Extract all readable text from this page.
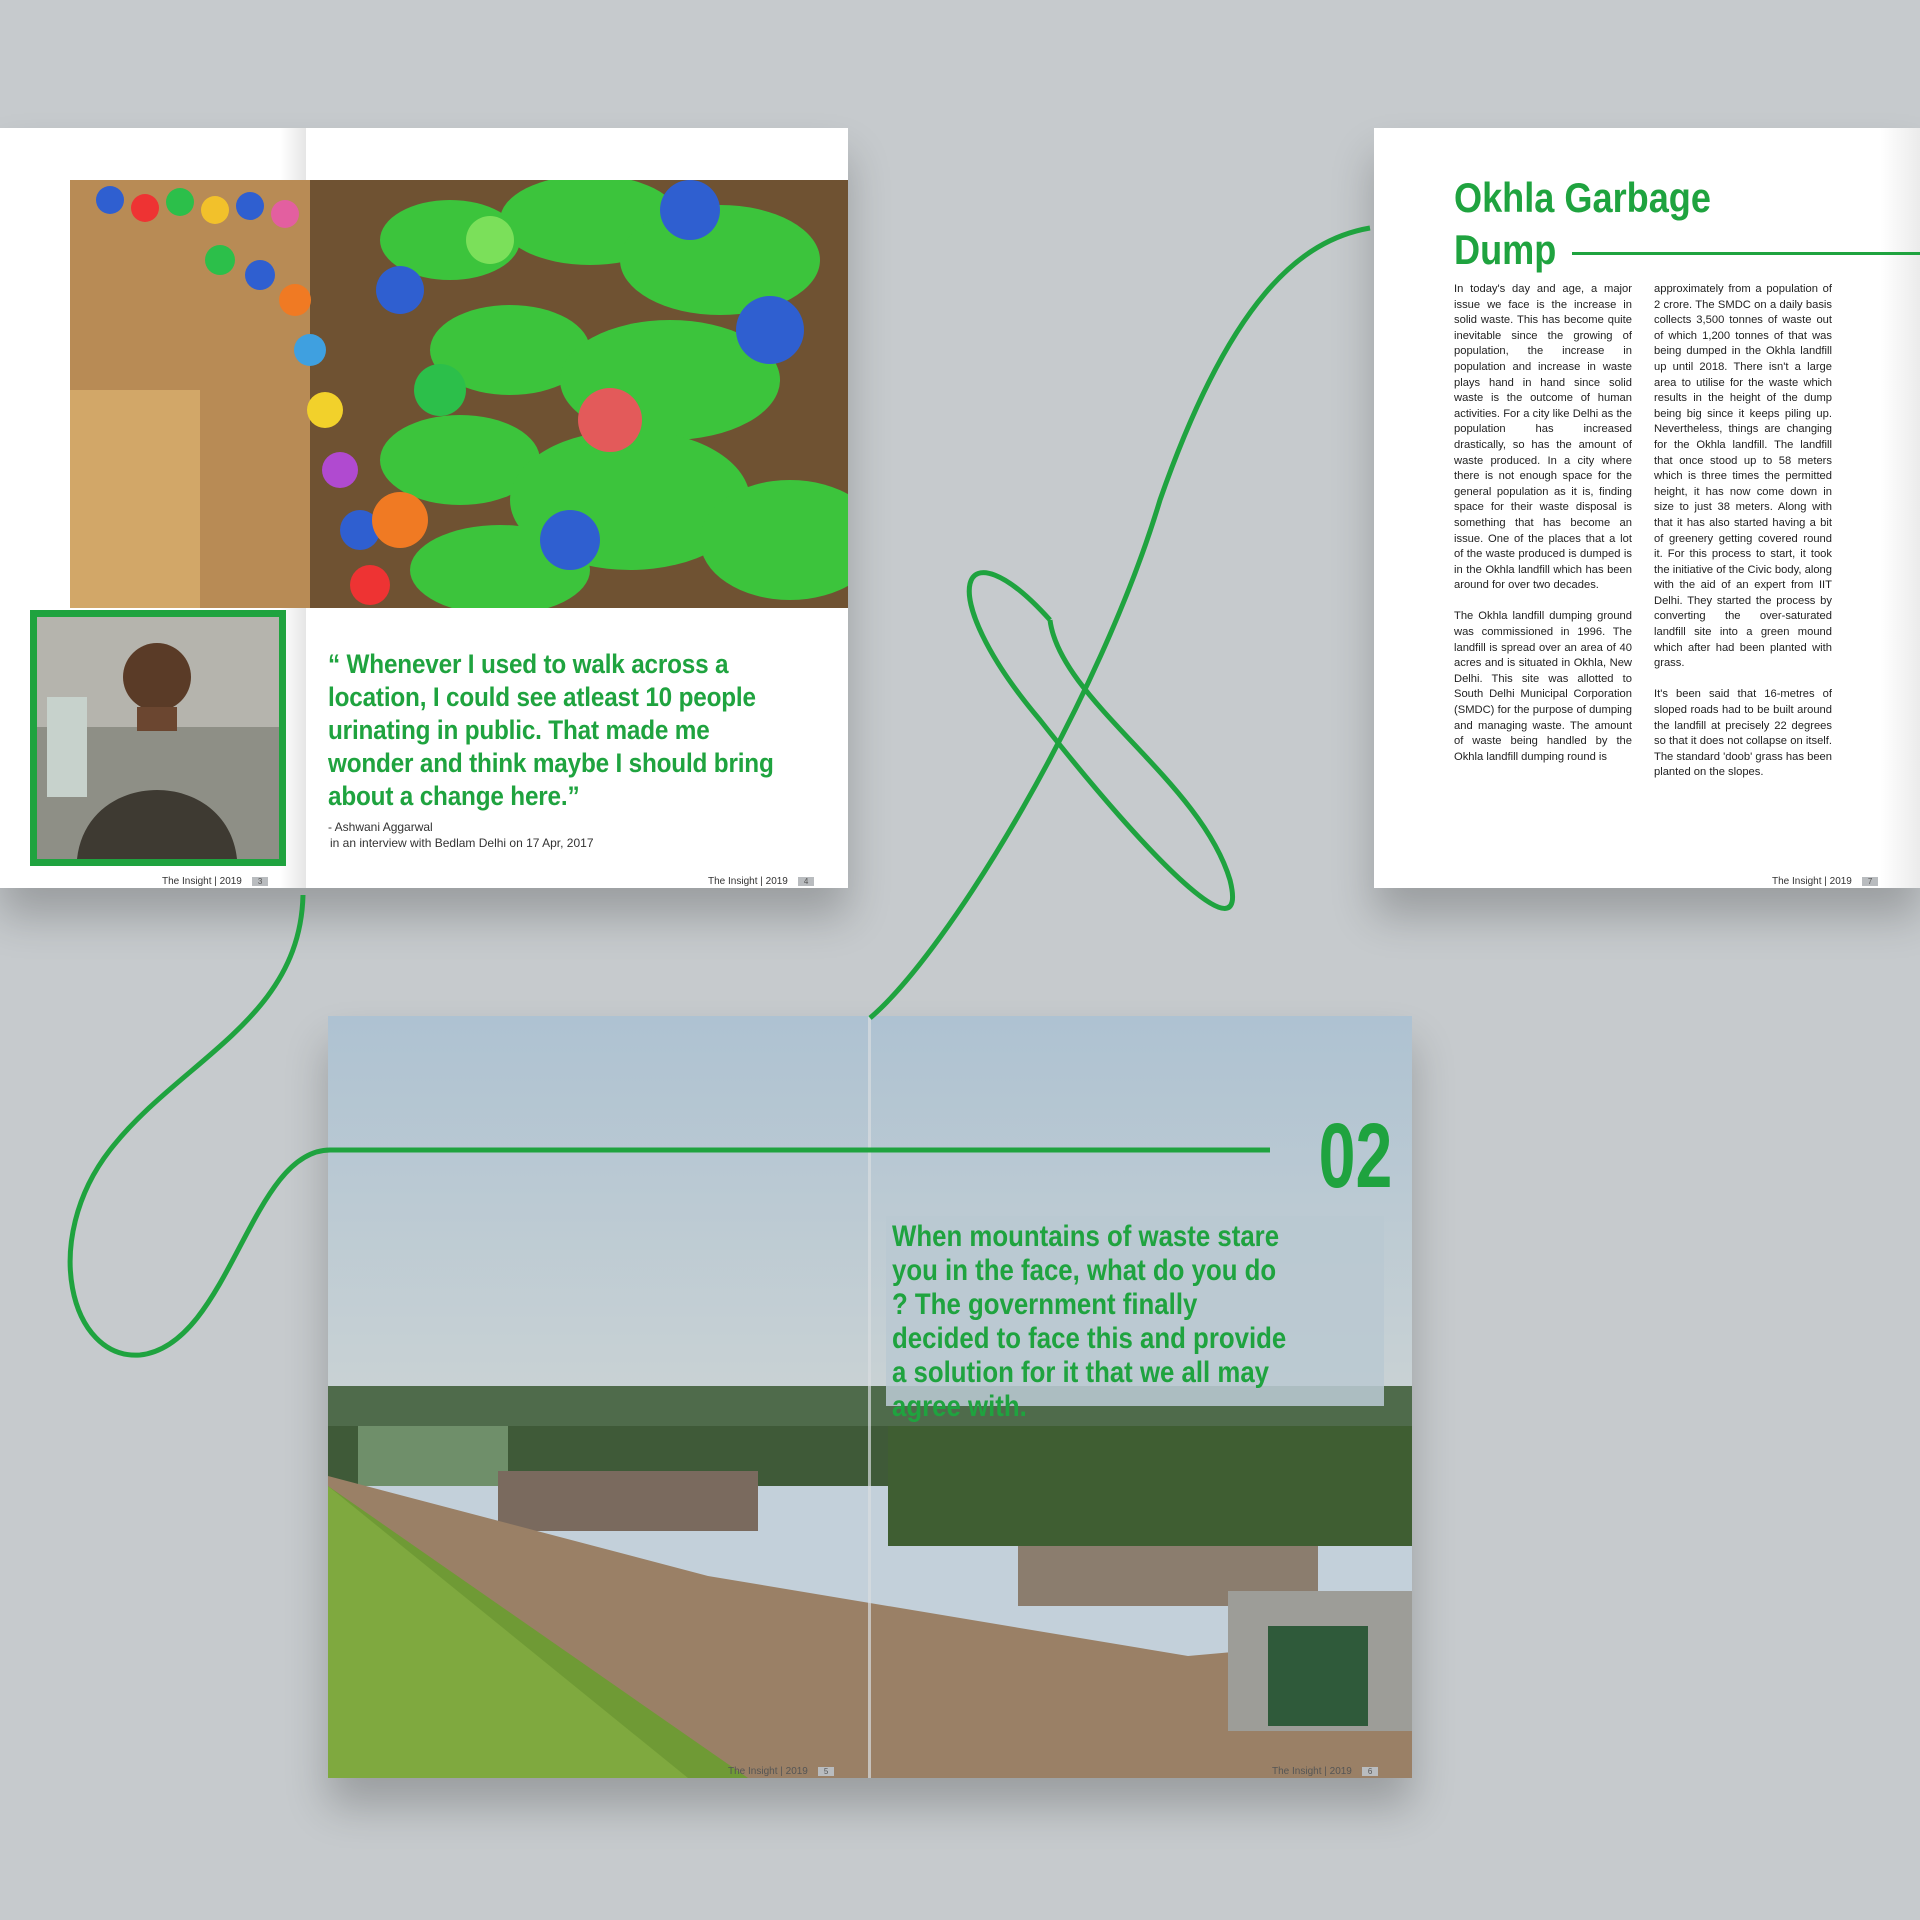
“ Whenever I used to walk across a location, I could see atleast 10 people urinating in public. That made me wonder and think maybe I should bring about a change here.”
- Ashwani Aggarwal
in an interview with Bedlam Delhi on 17 Apr, 2017
The Insight | 2019 3	The Insight | 2019 4
Okhla Garbage
Dump
In today's day and age, a major issue we face is the increase in solid waste. This has become quite inevitable since the growing of population, the increase in population and increase in waste plays hand in hand since solid waste is the outcome of human activities. For a city like Delhi as the population has increased drastically, so has the amount of waste produced. In a city where there is not enough space for the general population as it is, finding space for their waste disposal is something that has become an issue. One of the places that a lot of the waste produced is dumped is in the Okhla landfill which has been around for over two decades.

The Okhla landfill dumping ground was commissioned in 1996. The landfill is spread over an area of 40 acres and is situated in Okhla, New Delhi. This site was allotted to South Delhi Municipal Corporation (SMDC) for the purpose of dumping and managing waste. The amount of waste being handled by the Okhla landfill dumping round is
approximately from a population of 2 crore. The SMDC on a daily basis collects 3,500 tonnes of waste out of which 1,200 tonnes of that was being dumped in the Okhla landfill up until 2018. There isn't a large area to utilise for the waste which results in the height of the dump being big since it keeps piling up. Nevertheless, things are changing for the Okhla landfill. The landfill that once stood up to 58 meters which is three times the permitted height, it has now come down in size to just 38 meters. Along with that it has also started having a bit of greenery getting covered round it. For this process to start, it took the initiative of the Civic body, along with the aid of an expert from IIT Delhi. They started the process by converting the over-saturated landfill site into a green mound which after had been planted with grass.

It's been said that 16-metres of sloped roads had to be built around the landfill at precisely 22 degrees so that it does not collapse on itself. The standard 'doob' grass has been planted on the slopes.
The Insight | 2019 7
02
When mountains of waste stare you in the face, what do you do ? The government finally decided to face this and provide a solution for it that we all may agree with.
The Insight | 2019 5	The Insight | 2019 6
